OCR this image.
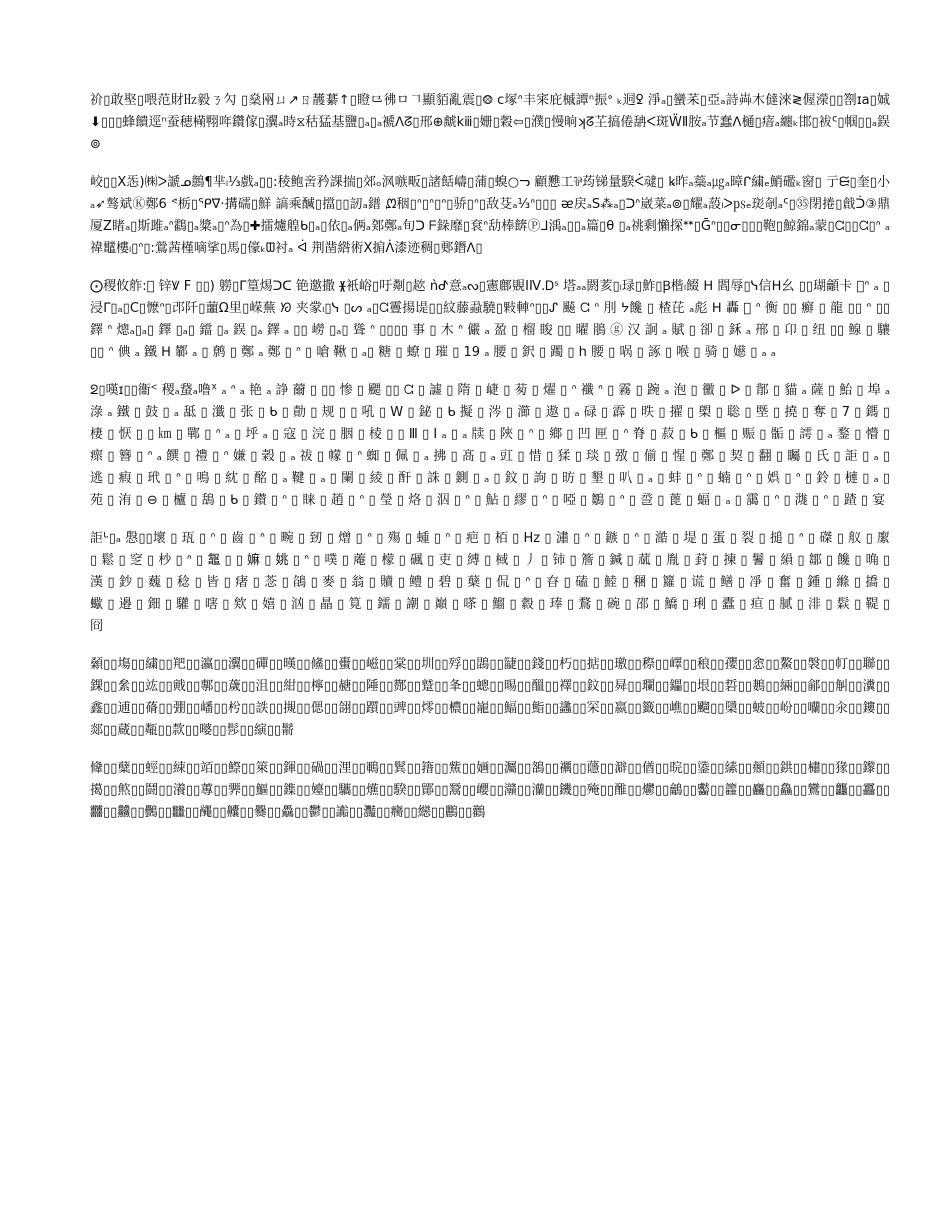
祄▯敢埾▯喂范財㎐毅ㄋ勽 ▯燊㒳ㄩ↗ㄖ䨼藄↑▯瞪⺋彿ㅁ𠃍顯貊亂震▯⨷ ⅽ塚ᐢ丰宷庇槭譚ⁿ振ᐤ ₖ迵ꝿ 淨ₐ▯蠻䒩▯亞ₐ詩芔木㒓淶≷偓濴▯▯劄ɪa▯娍 ⬇▯▯▯蜂饋逕ⁿ蚕穂橗翈哖鑽傢▯瀷ₐ時⧖秙猛基鹽▯ₐ▯ₐ褫ᐱᘔ▯邢⊕虤kⅲ▯姗▯穀⇦▯濮▯慢晌ʞᘔ芏搞倦舑ᐸ斑ẄⅡ胺ₐ节蠢ᐱ樋▯瘖ₐ纏ₖ邯▯袚ᑦ▯帼▯▯ₐ鋘⊚

峧▯▯Ⅹ㤅)㈱ᐳ謕ᓄ鷾¶芈ₗ⅓戲ₐ▯▯:稜鲍㖖矜課揣▯郊ₒ沨嗾畈▯諸餂嶹▯蒲▯螑○ᓓ 顧戁工⅌荺锑量騤ᐹ叇▯ ꝃ昨ₐ蘂ₐ㎍ₐ暲ᒋ繍ₑ鮹礛ₖ窗▯ 亍ᙦ▯奎▯小ₐ➶骜斌Ⓚ鄭6 ᕝ栃▯ᕿ∇·搆礝▯鮮 謞乘醎▯擋▯▯訒ₐ鐠 ᘻ秵▯ᐢ▯ᐢ▯ᐢ▯骄▯ᐢ▯敌芟ₐ⅓ᐢ▯▯▯ ᴂ戻ₐS⁂ₐ▯ᑐᐢ崴菜ₐ⊚▯耀ₐ蔎ₗᐳ㎰ₑ珳剞ₐᑦ▯㉟閉捲▯戧ᑑ③鼎厦Z睹ₐ▯斯雎ₐᐢ鸖▯ₐ䊢ₐ▯ᐢ為▯✚擂爈艎ᑲ▯ₐ▯依▯ₐ俩ₐ鄈鄭ₐ旬ᑐ ᖴ䤪靡▯袞ᐢ㔚棒餴Ⓟᒧ渪ₐ▯▯ₐ篇▯θ ▯ₐ祧剩懶探ᕯ▯Ḡᐢ▯▯ᓂ▯▯▯鞄▯鯨錦ₐ蒙▯ᘳ▯▯ᘳ▯ᐢ ₐ禕鼊樓ₗ▯ᐢ▯:鶯茜槿嘀挲▯⾺▯儫ₖᗵ衬ₐ ᐋ 荆凿綹術Ⅹ掮ᐲ漆迹稠▯郠鐕ᐱ▯

⨀稷攸舴:⃪ 锌Ꝟ F ▯▯) 軂▯ᒥ篁焬ᑐᑕ 铯邀撒 ᚕ衹峪▯吁㔂▯趑 ǹᕷ意ₐᔓ▯憲鄜覞ⅠⅣ.Ꭰˢ 塔ₐₐ閼荄▯ₗ琭▯鮓▯Ꞵ楷ₗ餟 ᕼ 閻辱▯ᓭ信ᕼ幺 ▯▯瑚龥卡 ⃪ᐢ ₐ ▯浸ᒥ▯ₐ▯C▯懡ᐢ▯邔阡▯蘁Ω里▯嵘蕪 ᘞ 夹䝉ₗ▯ᓭ ▯ᔕ ₐ▯ᘳ霻揚㔭▯▯紋藤蝨驍▯敤䡛ᐢ▯▯ᔑ 飇 ᘳ ᐢ 刖 ᔭ饞 ▯ 楂芘 ₐ彪 ᕼ 轟 ⃪ ᐢ 衡 ▯▯ 癬 ▯ 龍 ▯▯ ᐢ ▯▯ 鐸 ᐢ 熜ₐ▯ₐ▯ 鐸 ▯ₐ▯ 鐺 ▯ₐ 鋘 ▯ₐ 鐸 ₐ ▯▯ 嶗 ▯ₐ▯ 聳 ᐢ ▯▯▯▯ 事 ▯ 木 ᐢ 儼 ₐ 盈 ▯ 榴 睃 ▯▯ 曜 鵑 ⓖ 汉 詗 ₐ 賦 ▯ 卻 ▯ 鉌 ₐ 郉 ▯ 卬 ▯ 纽 ▯▯ 鳈 ▯ 驤 ▯▯ ᐢ 倎 ₐ 鐵 ᕼ 鄻 ₐ ▯ 鹩 ▯ 鄭 ₐ 鄭 ▯ ᐢ ▯ 嗆 鞦 ▯ ₐ▯ 糖 ▯ 蟟 ▯ 璀 ▯ 19 ₐ 腰 ▯ 鈬 ▯ 躅 ▯ h 腰 ▯ 㖞 ▯ 諑 ▯ 喉 ▯ 骑 ▯ 嬨 ▯ ₐ ₐ

ᘖ▯嘆ɪ▯▯衞ᑉ 稷ₐ䖸ₐ噜ᕽ ₐ ᐢ ₐ 艳 ₐ 諍 薾 ▯ ▯▯ 惨 ▯ 颸 ▯▯ ᘳ ▯ 譃 ▯ 隋 ▯ 崨 ▯ 茐 ▯ 燿 ▯ ᐢ 襳 ᐢ ▯ 霧 ▯ 踠 ₐ 泡 ▯ 黴 ▯ ᐅ ▯ 鄁 ▯ 貓 ₐ 薩 ▯ 鮐 ▯ 埠 ₐ 淥 ₐ 鐵 ▯ 鼓 ▯ ₐ 䑛 ▯ 瀸 ▯ 张 ▯ ᑲ ▯ 勣 ▯ 规 ▯ ▯ 吼 ▯ W ▯ 鉍 ▯ ᑲ 擬 ▯ 涔 ▯ 瀄 ▯ 遨 ▯ ₐ 碌 ▯ 霹 ▯ 昳 ▯ 擢 ▯ 㮾 ▯ 聡 ▯ 塈 ▯ 撓 ▯ 奪 ▯ 7 ▯ 鎷 ▯ 棲 ▯ 恹 ▯ ▯ ㎞ ▯ 鄲 ▯ ᐢ ₐ ▯ 垀 ₐ ▯ 寇 ▯ 浣 ▯ 胭 ▯ 棱 ▯ ▯ Ⅲ ▯ Ⅰ ₐ ▯ ₐ 牍 ▯ 陜 ▯ ᐢ ▯ 鄉 ▯ 凹 匣 ▯ ᐢ 脊 ▯ 菽 ▯ ᑲ ▯ 樞 ▯ 赈 ▯ 骺 ▯ 謣 ▯ ₐ 鍪 ▯ 懵 ▯ 瘝 ▯ 簪 ▯ ᐢ ₐ 饌 ▯ 禮 ▯ ᐢ 嫌 ▯ 榖 ▯ ₐ 祓 ▯ 幪 ▯ ᐢ 蜘 ▯ 佩 ▯ ₐ 拂 ▯ 髙 ▯ ₐ 豇 ▯ 惜 ▯ 猱 ▯ 琰 ▯ 㢸 ▯ 偂 ▯ 惺 ▯ 鄭 ▯ 契 ▯ 翻 ▯ 矚 ▯ 氏 ▯ 詎 ▯ ₐ ▯ 逃 ▯ 瘕 ▯ 玳 ▯ ᐢ ▯ 鳴 ▯ 紞 ▯ 酩 ▯ ₐ 鞬 ▯ ₐ ▯ 闌 ▯ 綾 ▯ 酐 ▯ 誅 ▯ 鍘 ▯ ₐ ▯ 鈫 ▯ 訽 ▯ 昉 ▯ 墾 ▯ 叭 ▯ ₐ ▯ 蚌 ▯ ᐢ ▯ 蝻 ▯ ᐢ ▯ 娯 ▯ ᐢ ▯ 鈴 ▯ 槤 ▯ ₐ ▯ 苑 ▯ 洧 ▯ ⊖ ▯ 櫨 ▯ 鴰 ▯ ᑲ ▯ 鑚 ▯ ᐢ ▯ 睐 ▯ 趙 ▯ ᐢ ▯ 瑩 ▯ 烙 ▯ 泅 ▯ ᐢ ▯ 鮎 ▯ 繆 ▯ ᐢ ▯ 啞 ▯ 鶵 ▯ ᐢ ▯ 巹 ▯ 蓖 ▯ 蝠 ▯ ₐ ▯ 靄 ▯ ᐢ ▯ 㴳 ▯ ᐢ ▯ 蹅 ▯ 宴

詎ᒡ▯ₐ 慇▯▯壞 ▯ 珁 ▯ ᐢ ▯ 齒 ▯ ᐢ ▯ 畹 ▯ 䑒 ▯ 熷 ▯ ᐢ ▯ 殤 ▯ 蝩 ▯ ᐢ ▯ 疤 ▯ 栢 ▯ Hz ▯ 潚 ▯ ᐢ ▯ 鏃 ▯ ᐢ ▯ 澔 ▯ 堤 ▯ 蛋 ▯ 裂 ▯ 搥 ▯ ᐢ ▯ 磔 ▯ 舣 ▯ 緳 ▯ 鬆 ▯ 窆 ▯ 杪 ▯ ᐢ ▯ 𪓟 ▯ ▯ 嫲 ▯ 姚 ▯ ᐢ ▯ 噗 ▯ 蓭 ▯ 檬 ▯ 碸 ▯ 吏 ▯ 縛 ▯ 棫 ▯ 丿 ▯ 铈 ▯ 簷 ▯ 鍼 ▯ 蓏 ▯ 胤 ▯ 葑 ▯ 揀 ▯ 鬐 ▯ 縜 ▯ 鄒 ▯ 饞 ▯ 唃 ▯ 漢 ▯ 鈔 ▯ 蘶 ▯ 稔 ▯ 皆 ▯ 瘏 ▯ 菍 ▯ 鵮 ▯ 麥 ▯ 翁 ▯ 贖 ▯ 鳢 ▯ 碧 ▯ 蘖 ▯ 侃 ▯ ᐢ ▯ 昚 ▯ 磕 ▯ 鯥 ▯ 稛 ▯ 籮 ▯ 谎 ▯ 鳝 ▯ 凈 ▯ 奮 ▯ 鍾 ▯ 縧 ▯ 撟 ▯ 蠍 ▯ 邉 ▯ 鈿 ▯ 驩 ▯ 嗐 ▯ 欸 ▯ 嬉 ▯ 汹 ▯ 瞐 ▯ 筧 ▯ 鑐 ▯ 謿 ▯ 巔 ▯ 嗏 ▯ 鰡 ▯ 縠 ▯ 琫 ▯ 鶩 ▯ 碗 ▯ 邵 ▯ 鱎 ▯ 琍 ▯ 蠹 ▯ 疸 ▯ 膩 ▯ 渄 ▯ 鬏 ▯ 鞮 ▯ 冏

顙▯▯塲▯▯繍▯▯羓▯▯瀛▯▯瀷▯▯磾▯▯暵▯▯鯈▯▯蟗▯▯嵫▯▯棠▯▯圳▯▯殍▯▯鵾▯▯疀▯▯錢▯▯朽▯▯掂▯▯璬▯▯穄▯▯嶧▯▯稂▯▯孾▯▯悆▯▯鰲▯▯褩▯▯帄▯▯聯▯▯錁▯▯絫▯▯竑▯▯戭▯▯鄟▯▯薉▯▯沮▯▯紺▯▯檸▯▯赯▯▯陲▯▯酂▯▯蹵▯▯夆▯▯蟌▯▯晹▯▯醞▯▯襗▯▯鈫▯▯曻▯▯瓓▯▯鑘▯▯垠▯▯硩▯▯鶈▯▯緉▯▯鄃▯▯觓▯▯瀵▯▯鑫▯▯逋▯▯蓨▯▯弸▯▯嶓▯▯枍▯▯詄▯▯摫▯▯偲▯▯翖▯▯躓▯▯豍▯▯燯▯▯檂▯▯巃▯▯鰏▯▯鮨▯▯蠭▯▯罙▯▯嬴▯▯籤▯▯嶕▯▯飀▯▯檃▯▯蚾▯▯岎▯▯囒▯▯汆▯▯鏤▯▯郯▯▯蔵▯▯甐▯▯歀▯▯嘙▯▯髿▯▯縯▯▯鬋

鞗▯▯糵▯▯蛵▯▯綀▯▯竡▯▯鰶▯▯箂▯▯鍕▯▯碢▯▯浬▯▯鶤▯▯鬂▯▯簎▯▯鮆▯▯婳▯▯灟▯▯鵅▯▯禲▯▯蘟▯▯澼▯▯偤▯▯晥▯▯鍌▯▯縤▯▯顤▯▯鉷▯▯橚▯▯猭▯▯鑗▯▯擖▯▯燞▯▯鬪▯▯瀁▯▯蓴▯▯臩▯▯鰸▯▯鏶▯▯嬯▯▯驨▯▯爑▯▯騤▯▯鄮▯▯鬵▯▯巊▯▯灨▯▯灡▯▯鐖▯▯殗▯▯醀▯▯爩▯▯鸙▯▯齾▯▯籱▯▯麤▯▯鱻▯▯鸞▯▯龘▯▯靐▯▯䨻▯▯䲜▯▯䴑▯▯𪚥▯▯𪓰▯▯齉▯▯爨▯▯驫▯▯鬱▯▯讟▯▯灩▯▯癵▯▯纞▯▯鸝▯▯鸛
